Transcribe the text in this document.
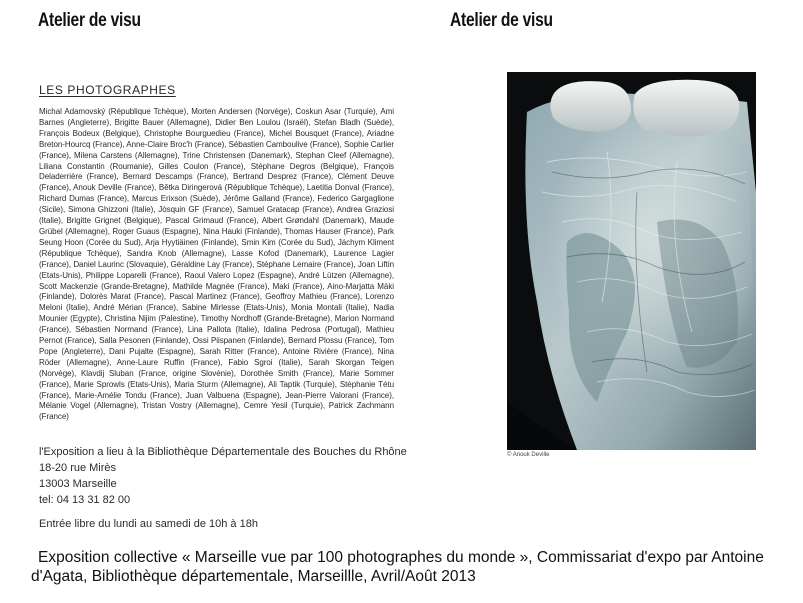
Atelier de visu	Atelier de visu
LES PHOTOGRAPHES
Michal Adamovský (République Tchèque), Morten Andersen (Norvège), Coskun Asar (Turquie), Ami Barnes (Angleterre), Brigitte Bauer (Allemagne), Didier Ben Loulou (Israël), Stefan Bladh (Suède), François Bodeux (Belgique), Christophe Bourguedieu (France), Michel Bousquet (France), Ariadne Breton-Hourcq (France), Anne-Claire Broc'h (France), Sébastien Camboulive (France), Sophie Carlier (France), Milena Carstens (Allemagne), Trine Christensen (Danemark), Stephan Cleef (Allemagne), Liliana Constantin (Roumanie), Gilles Coulon (France), Stéphane Degros (Belgique), François Deladerrière (France), Bernard Descamps (France), Bertrand Desprez (France), Clément Deuve (France), Anouk Deville (France), Bětka Diringerová (République Tchèque), Laetitia Donval (France), Richard Dumas (France), Marcus Erixson (Suède), Jérôme Galland (France), Federico Gargaglione (Sicile), Simona Ghizzoni (Italie), Jòsquin GF (France), Samuel Gratacap (France), Andrea Graziosi (Italie), Brigitte Grignet (Belgique), Pascal Grimaud (France), Albert Grøndahl (Danemark), Maude Grübel (Allemagne), Roger Guaus (Espagne), Nina Hauki (Finlande), Thomas Hauser (France), Park Seung Hoon (Corée du Sud), Arja Hyytiäinen (Finlande), Smin Kim (Corée du Sud), Jáchym Kliment (République Tchèque), Sandra Knob (Allemagne), Lasse Kofod (Danemark), Laurence Lagier (France), Daniel Laurinc (Slovaquie), Géraldine Lay (France), Stéphane Lemaire (France), Joan Liftin (Etats-Unis), Philippe Loparelli (France), Raoul Valero Lopez (Espagne), André Lützen (Allemagne), Scott Mackenzie (Grande-Bretagne), Mathilde Magnée (France), Maki (France), Aino-Marjatta Mäki (Finlande), Dolorès Marat (France), Pascal Martinez (France), Geoffroy Mathieu (France), Lorenzo Meloni (Italie), André Mérian (France), Sabine Mirlesse (Etats-Unis), Monia Montali (Italie), Nadia Mounier (Egypte), Christina Nijim (Palestine), Timothy Nordhoff (Grande-Bretagne), Marion Normand (France), Sébastien Normand (France), Lina Pallota (Italie), Idalina Pedrosa (Portugal), Mathieu Pernot (France), Salla Pesonen (Finlande), Ossi Piispanen (Finlande), Bernard Plossu (France), Tom Pope (Angleterre), Dani Pujalte (Espagne), Sarah Ritter (France), Antoine Rivière (France), Nina Röder (Allemagne), Anne-Laure Ruffin (France), Fabio Sgroi (Italie), Sarah Skorgan Teigen (Norvège), Klavdij Sluban (France, origine Slovénie), Dorothée Smith (France), Marie Sommer (France), Marie Sprowls (Etats-Unis), Maria Sturm (Allemagne), Ali Taptik (Turquie), Stéphanie Tétu (France), Marie-Amélie Tondu (France), Juan Valbuena (Espagne), Jean-Pierre Valorani (France), Mélanie Vogel (Allemagne), Tristan Vostry (Allemagne), Cemre Yesil (Turquie), Patrick Zachmann (France)
l'Exposition a lieu à la Bibliothèque Départementale des Bouches du Rhône
18-20 rue Mirès
13003 Marseille
tel: 04 13 31 82 00
Entrée libre du lundi au samedi de 10h à 18h
© Anouk Deville
Exposition collective « Marseille vue par 100 photographes du monde », Commissariat d'expo par Antoine d'Agata, Bibliothèque départementale, Marseillle, Avril/Août 2013
